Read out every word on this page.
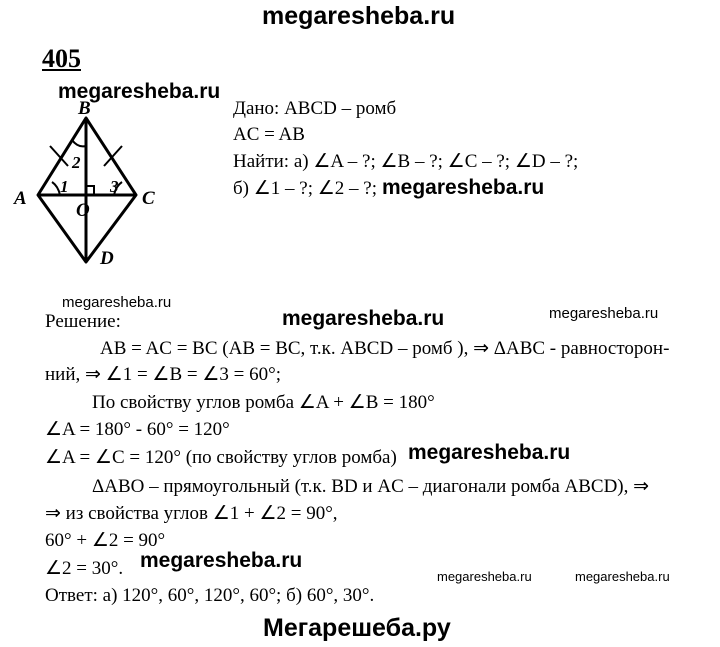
megaresheba.ru
405
megaresheba.ru
B
A	C
D
O
1
2
3
Дано: ABCD – ромб
AC = AB
Найти: а) ∠A – ?; ∠B – ?; ∠C – ?; ∠D – ?;
б) ∠1 – ?; ∠2 – ?; megaresheba.ru
megaresheba.ru
megaresheba.ru
megaresheba.ru
Решение:
AB = AC = BC (AB = BC, т.к. ABCD – ромб ), ⇒ ΔABC - равносторон-
ний, ⇒ ∠1 = ∠B = ∠3 = 60°;
По свойству углов ромба ∠A + ∠B = 180°
∠A = 180° - 60° = 120°
∠A = ∠C = 120° (по свойству углов ромба) megaresheba.ru
ΔABO – прямоугольный (т.к. BD и AC – диагонали ромба ABCD), ⇒
⇒ из свойства углов ∠1 + ∠2 = 90°,
60° + ∠2 = 90°
megaresheba.ru
∠2 = 30°.	megaresheba.ru	megaresheba.ru
Ответ: а) 120°, 60°, 120°, 60°; б) 60°, 30°.
Мегарешеба.ру
